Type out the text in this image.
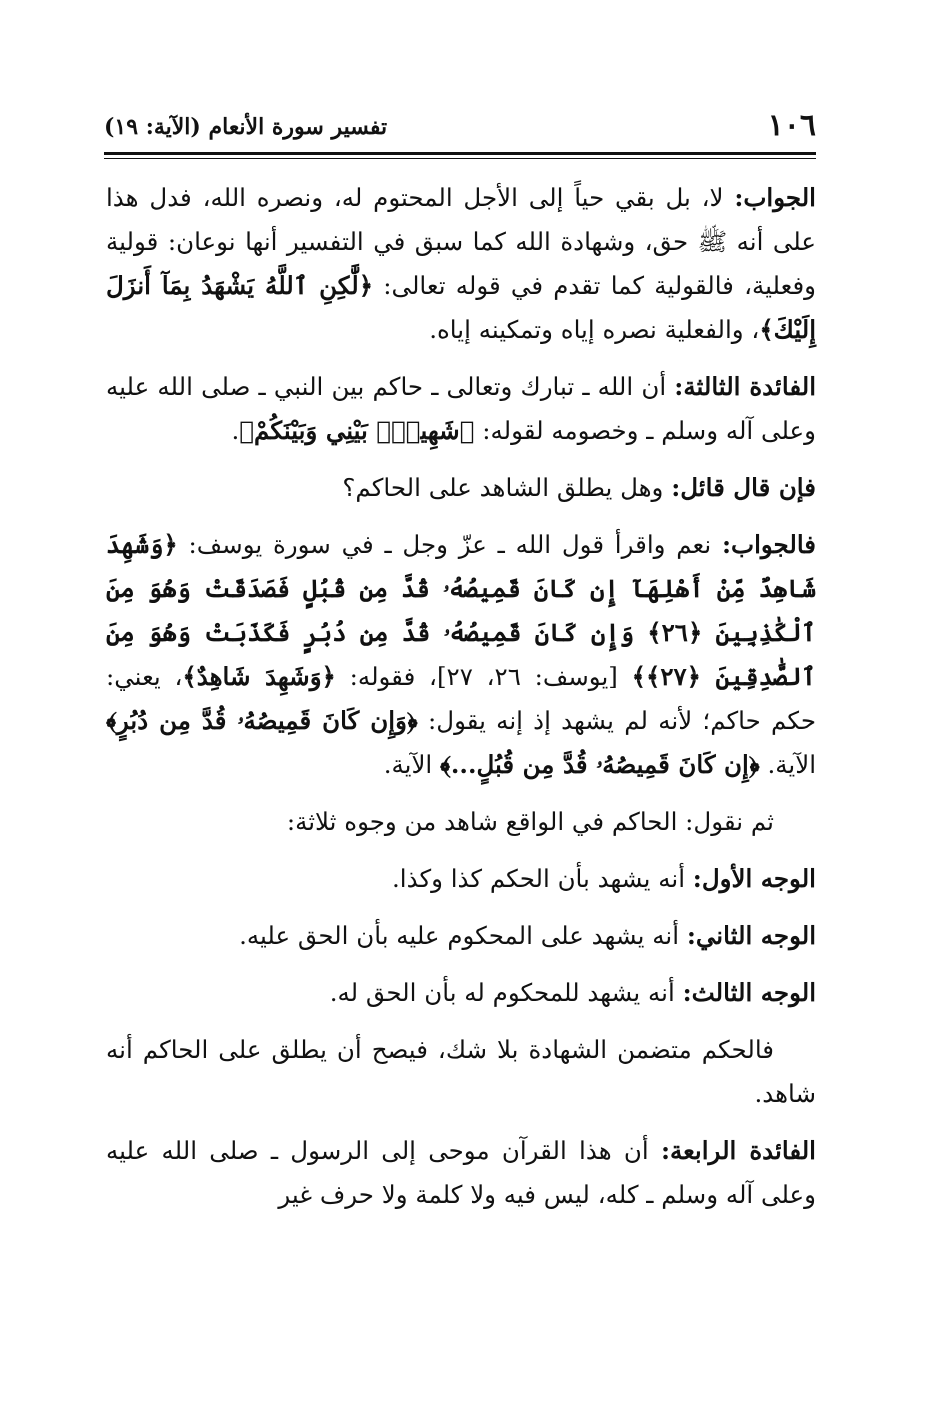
١٠٦
تفسير سورة الأنعام (الآية: ١٩)

الجواب: لا، بل بقي حياً إلى الأجل المحتوم له، ونصره الله، فدل هذا على أنه ﷺ حق، وشهادة الله كما سبق في التفسير أنها نوعان: قولية وفعلية، فالقولية كما تقدم في قوله تعالى: ﴿لَّٰكِنِ ٱللَّهُ يَشْهَدُ بِمَآ أَنزَلَ إِلَيْكَ﴾، والفعلية نصره إياه وتمكينه إياه.

الفائدة الثالثة: أن الله ـ تبارك وتعالى ـ حاكم بين النبي ـ صلى الله عليه وعلى آله وسلم ـ وخصومه لقوله: ﴿شَهِيدُۢ بَيْنِي وَبَيْنَكُمْ﴾.

فإن قال قائل: وهل يطلق الشاهد على الحاكم؟

فالجواب: نعم واقرأ قول الله ـ عزّ وجل ـ في سورة يوسف: ﴿وَشَهِدَ شَاهِدٌ مِّنْ أَهْلِهَآ إِن كَانَ قَمِيصُهُۥ قُدَّ مِن قُبُلٍ فَصَدَقَتْ وَهُوَ مِنَ ٱلْكَٰذِبِينَ ﴿٢٦﴾ وَإِن كَانَ قَمِيصُهُۥ قُدَّ مِن دُبُرٍ فَكَذَبَتْ وَهُوَ مِنَ ٱلصَّٰدِقِينَ ﴿٢٧﴾﴾ [يوسف: ٢٦، ٢٧]، فقوله: ﴿وَشَهِدَ شَاهِدٌ﴾، يعني: حكم حاكم؛ لأنه لم يشهد إذ إنه يقول: ﴿وَإِن كَانَ قَمِيصُهُۥ قُدَّ مِن دُبُرٍ﴾ الآية. ﴿إِن كَانَ قَمِيصُهُۥ قُدَّ مِن قُبُلٍ...﴾ الآية.

ثم نقول: الحاكم في الواقع شاهد من وجوه ثلاثة:

الوجه الأول: أنه يشهد بأن الحكم كذا وكذا.

الوجه الثاني: أنه يشهد على المحكوم عليه بأن الحق عليه.

الوجه الثالث: أنه يشهد للمحكوم له بأن الحق له.

فالحكم متضمن الشهادة بلا شك، فيصح أن يطلق على الحاكم أنه شاهد.

الفائدة الرابعة: أن هذا القرآن موحى إلى الرسول ـ صلى الله عليه وعلى آله وسلم ـ كله، ليس فيه ولا كلمة ولا حرف غير
